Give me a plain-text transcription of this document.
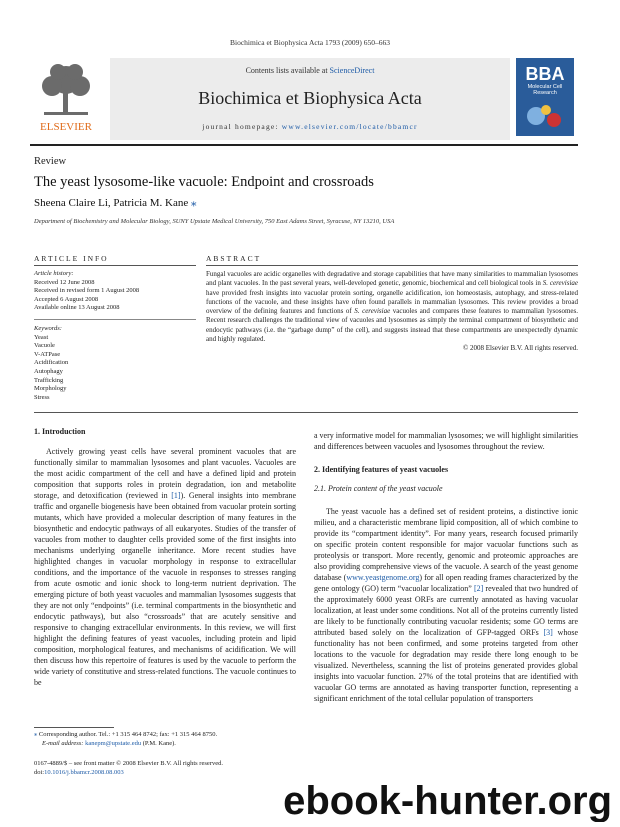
Biochimica et Biophysica Acta 1793 (2009) 650–663
ELSEVIER
Contents lists available at ScienceDirect
Biochimica et Biophysica Acta
journal homepage: www.elsevier.com/locate/bbamcr
BBA
Molecular Cell Research
Review
The yeast lysosome-like vacuole: Endpoint and crossroads
Sheena Claire Li, Patricia M. Kane ⁎
Department of Biochemistry and Molecular Biology, SUNY Upstate Medical University, 750 East Adams Street, Syracuse, NY 13210, USA
ARTICLE INFO	ABSTRACT
Article history:
Received 12 June 2008
Received in revised form 1 August 2008
Accepted 6 August 2008
Available online 13 August 2008
Keywords:
Yeast
Vacuole
V-ATPase
Acidification
Autophagy
Trafficking
Morphology
Stress
Fungal vacuoles are acidic organelles with degradative and storage capabilities that have many similarities to mammalian lysosomes and plant vacuoles. In the past several years, well-developed genetic, genomic, biochemical and cell biological tools in S. cerevisiae have provided fresh insights into vacuolar protein sorting, organelle acidification, ion homeostasis, autophagy, and stress-related functions of the vacuole, and these insights have often found parallels in mammalian lysosomes. This review provides a broad overview of the defining features and functions of S. cerevisiae vacuoles and compares these features to mammalian lysosomes. Recent research challenges the traditional view of vacuoles and lysosomes as simply the terminal compartment of biosynthetic and endocytic pathways (i.e. the “garbage dump” of the cell), and suggests instead that these compartments are unexpectedly dynamic and highly regulated.
© 2008 Elsevier B.V. All rights reserved.
1. Introduction

Actively growing yeast cells have several prominent vacuoles that are functionally similar to mammalian lysosomes and plant vacuoles. Vacuoles are the most acidic compartment of the cell and have a defined lipid and protein composition that supports roles in protein degradation, ion and metabolite storage, and detoxification (reviewed in [1]). General insights into membrane traffic and organelle biogenesis have been obtained from vacuolar protein sorting mutants, which have provided a molecular description of many features in the biosynthetic and endocytic pathways of all eukaryotes. Studies of the transfer of vacuoles from mother to daughter cells provided some of the first insights into mechanisms underlying organelle inheritance. More recent studies have highlighted changes in vacuolar morphology in response to extracellular conditions, and the importance of the vacuole in responses to stresses ranging from acute osmotic and ionic shock to long-term nutrient deprivation. The emerging picture of both yeast vacuoles and mammalian lysosomes suggests that they are not only “endpoints” (i.e. terminal compartments in the biosynthetic and endocytic pathways), but also “crossroads” that are acutely sensitive and responsive to changing extracellular environments. In this review, we will first highlight the defining features of yeast vacuoles, including protein and lipid composition, morphological features, and mechanisms of acidification. We will then discuss how this repertoire of features is used by the vacuole to perform the wide variety of constitutive and stress-related functions. The vacuole continues to be

a very informative model for mammalian lysosomes; we will highlight similarities and differences between vacuoles and lysosomes throughout the review.

2. Identifying features of yeast vacuoles
2.1. Protein content of the yeast vacuole

The yeast vacuole has a defined set of resident proteins, a distinctive ionic milieu, and a characteristic membrane lipid composition, all of which combine to provide its “compartment identity”. For many years, research focused primarily on specific protein content responsible for major vacuolar functions such as proteolysis or transport. More recently, genomic and proteomic approaches are also providing comprehensive views of the vacuole. A search of the yeast genome database (www.yeastgenome.org) for all open reading frames characterized by the gene ontology (GO) term “vacuolar localization” [2] revealed that two hundred of the approximately 6000 yeast ORFs are currently annotated as having vacuolar localization, at least under some conditions. Not all of the proteins currently listed are likely to be functionally contributing vacuolar residents; some GO terms are attributed based solely on the localization of GFP-tagged ORFs [3] whose functionality has not been confirmed, and some proteins targeted from other locations to the vacuole for degradation may reside there long enough to be visualized. Nevertheless, scanning the list of proteins generated provides global insights into vacuolar function. 27% of the total proteins that are identified with vacuolar GO terms are annotated as having transporter function, representing a significant enrichment of the total cellular population of transporters

⁎ Corresponding author. Tel.: +1 315 464 8742; fax: +1 315 464 8750.
E-mail address: kanepm@upstate.edu (P.M. Kane).
0167-4889/$ – see front matter © 2008 Elsevier B.V. All rights reserved.
doi:10.1016/j.bbamcr.2008.08.003
ebook-hunter.org
